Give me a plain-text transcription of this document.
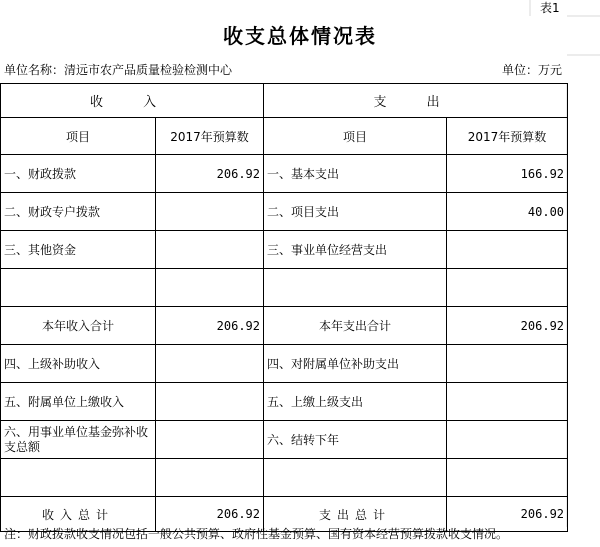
表1
收支总体情况表
单位名称：清远市农产品质量检验检测中心	单位：万元
收 入		支 出	
项目	2017年预算数	项目	2017年预算数
一、财政拨款	206.92	一、基本支出	166.92
二、财政专户拨款		二、项目支出	40.00
三、其他资金		三、事业单位经营支出	

本年收入合计	206.92	本年支出合计	206.92
四、上级补助收入		四、对附属单位补助支出	
五、附属单位上缴收入		五、上缴上级支出	
六、用事业单位基金弥补收支总额		六、结转下年	

收入总计	206.92	支出总计	206.92
注：财政拨款收支情况包括一般公共预算、政府性基金预算、国有资本经营预算拨款收支情况。
